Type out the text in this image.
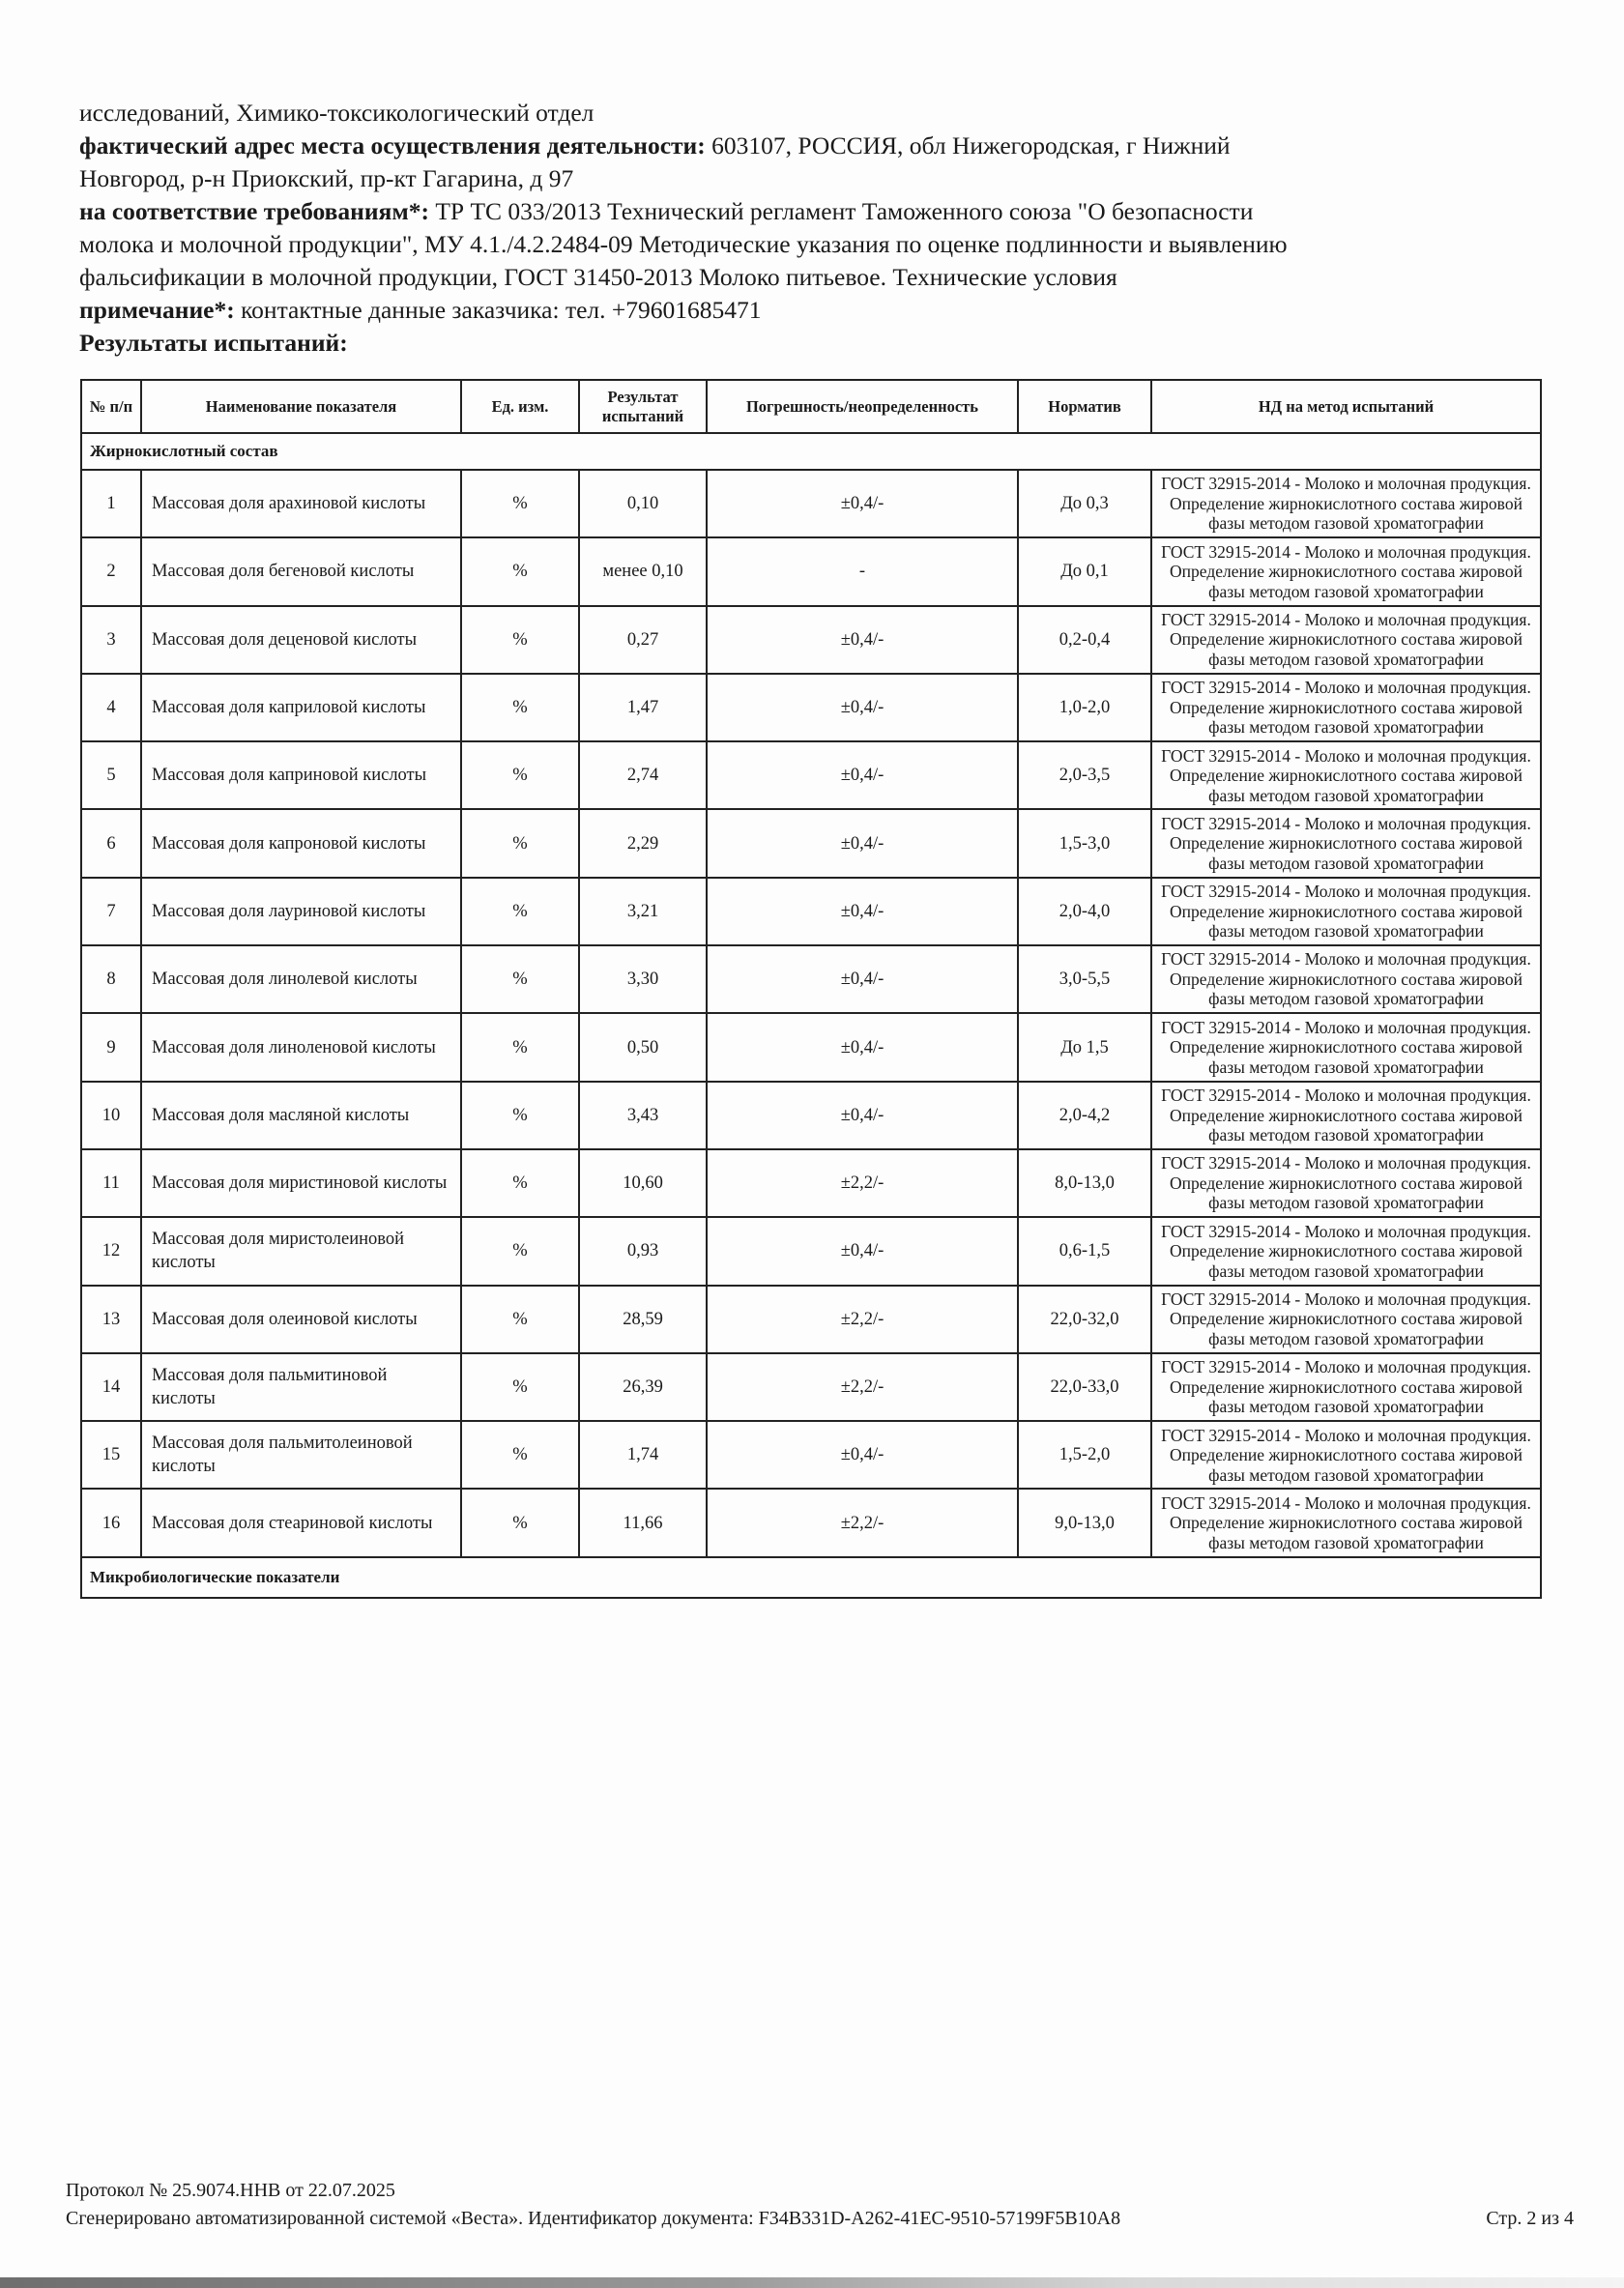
исследований, Химико-токсикологический отдел

фактический адрес места осуществления деятельности: 603107, РОССИЯ, обл Нижегородская, г Нижний

Новгород, р-н Приокский, пр-кт Гагарина, д 97

на соответствие требованиям*: ТР ТС 033/2013 Технический регламент Таможенного союза "О безопасности

молока и молочной продукции", МУ 4.1./4.2.2484-09 Методические указания по оценке подлинности и выявлению

фальсификации в молочной продукции, ГОСТ 31450-2013 Молоко питьевое. Технические условия

примечание*: контактные данные заказчика: тел. +79601685471

Результаты испытаний:

№ п/п	Наименование показателя	Ед. изм.	Результат испытаний	Погрешность/неопределенность	Норматив	НД на метод испытаний
Жирнокислотный состав						
1	Массовая доля арахиновой кислоты	%	0,10	±0,4/-	До 0,3	ГОСТ 32915-2014 - Молоко и молочная продукция. Определение жирнокислотного состава жировой фазы методом газовой хроматографии
2	Массовая доля бегеновой кислоты	%	менее 0,10	-	До 0,1	ГОСТ 32915-2014 - Молоко и молочная продукция. Определение жирнокислотного состава жировой фазы методом газовой хроматографии
3	Массовая доля деценовой кислоты	%	0,27	±0,4/-	0,2-0,4	ГОСТ 32915-2014 - Молоко и молочная продукция. Определение жирнокислотного состава жировой фазы методом газовой хроматографии
4	Массовая доля каприловой кислоты	%	1,47	±0,4/-	1,0-2,0	ГОСТ 32915-2014 - Молоко и молочная продукция. Определение жирнокислотного состава жировой фазы методом газовой хроматографии
5	Массовая доля каприновой кислоты	%	2,74	±0,4/-	2,0-3,5	ГОСТ 32915-2014 - Молоко и молочная продукция. Определение жирнокислотного состава жировой фазы методом газовой хроматографии
6	Массовая доля капроновой кислоты	%	2,29	±0,4/-	1,5-3,0	ГОСТ 32915-2014 - Молоко и молочная продукция. Определение жирнокислотного состава жировой фазы методом газовой хроматографии
7	Массовая доля лауриновой кислоты	%	3,21	±0,4/-	2,0-4,0	ГОСТ 32915-2014 - Молоко и молочная продукция. Определение жирнокислотного состава жировой фазы методом газовой хроматографии
8	Массовая доля линолевой кислоты	%	3,30	±0,4/-	3,0-5,5	ГОСТ 32915-2014 - Молоко и молочная продукция. Определение жирнокислотного состава жировой фазы методом газовой хроматографии
9	Массовая доля линоленовой кислоты	%	0,50	±0,4/-	До 1,5	ГОСТ 32915-2014 - Молоко и молочная продукция. Определение жирнокислотного состава жировой фазы методом газовой хроматографии
10	Массовая доля масляной кислоты	%	3,43	±0,4/-	2,0-4,2	ГОСТ 32915-2014 - Молоко и молочная продукция. Определение жирнокислотного состава жировой фазы методом газовой хроматографии
11	Массовая доля миристиновой кислоты	%	10,60	±2,2/-	8,0-13,0	ГОСТ 32915-2014 - Молоко и молочная продукция. Определение жирнокислотного состава жировой фазы методом газовой хроматографии
12	Массовая доля миристолеиновой кислоты	%	0,93	±0,4/-	0,6-1,5	ГОСТ 32915-2014 - Молоко и молочная продукция. Определение жирнокислотного состава жировой фазы методом газовой хроматографии
13	Массовая доля олеиновой кислоты	%	28,59	±2,2/-	22,0-32,0	ГОСТ 32915-2014 - Молоко и молочная продукция. Определение жирнокислотного состава жировой фазы методом газовой хроматографии
14	Массовая доля пальмитиновой кислоты	%	26,39	±2,2/-	22,0-33,0	ГОСТ 32915-2014 - Молоко и молочная продукция. Определение жирнокислотного состава жировой фазы методом газовой хроматографии
15	Массовая доля пальмитолеиновой кислоты	%	1,74	±0,4/-	1,5-2,0	ГОСТ 32915-2014 - Молоко и молочная продукция. Определение жирнокислотного состава жировой фазы методом газовой хроматографии
16	Массовая доля стеариновой кислоты	%	11,66	±2,2/-	9,0-13,0	ГОСТ 32915-2014 - Молоко и молочная продукция. Определение жирнокислотного состава жировой фазы методом газовой хроматографии
Микробиологические показатели						
Протокол № 25.9074.ННВ от 22.07.2025
Сгенерировано автоматизированной системой «Веста». Идентификатор документа: F34B331D-A262-41EC-9510-57199F5B10A8	Стр. 2 из 4
